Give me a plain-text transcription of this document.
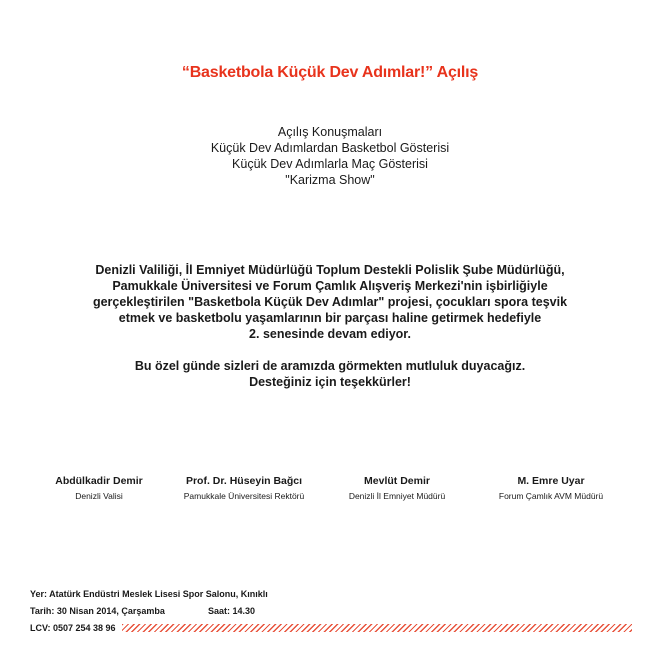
“Basketbola Küçük Dev Adımlar!” Açılış
Açılış Konuşmaları
Küçük Dev Adımlardan Basketbol Gösterisi
Küçük Dev Adımlarla Maç Gösterisi
"Karizma Show"
Denizli Valiliği, İl Emniyet Müdürlüğü Toplum Destekli Polislik Şube Müdürlüğü,
Pamukkale Üniversitesi ve Forum Çamlık Alışveriş Merkezi'nin işbirliğiyle
gerçekleştirilen "Basketbola Küçük Dev Adımlar" projesi, çocukları spora teşvik
etmek ve basketbolu yaşamlarının bir parçası haline getirmek hedefiyle
2. senesinde devam ediyor.
Bu özel günde sizleri de aramızda görmekten mutluluk duyacağız.
Desteğiniz için teşekkürler!
Abdülkadir Demir
Denizli Valisi
Prof. Dr. Hüseyin Bağcı
Pamukkale Üniversitesi Rektörü
Mevlüt Demir
Denizli İl Emniyet Müdürü
M. Emre Uyar
Forum Çamlık AVM Müdürü
Yer: Atatürk Endüstri Meslek Lisesi Spor Salonu, Kınıklı
Tarih: 30 Nisan 2014, Çarşamba	Saat: 14.30
LCV: 0507 254 38 96
